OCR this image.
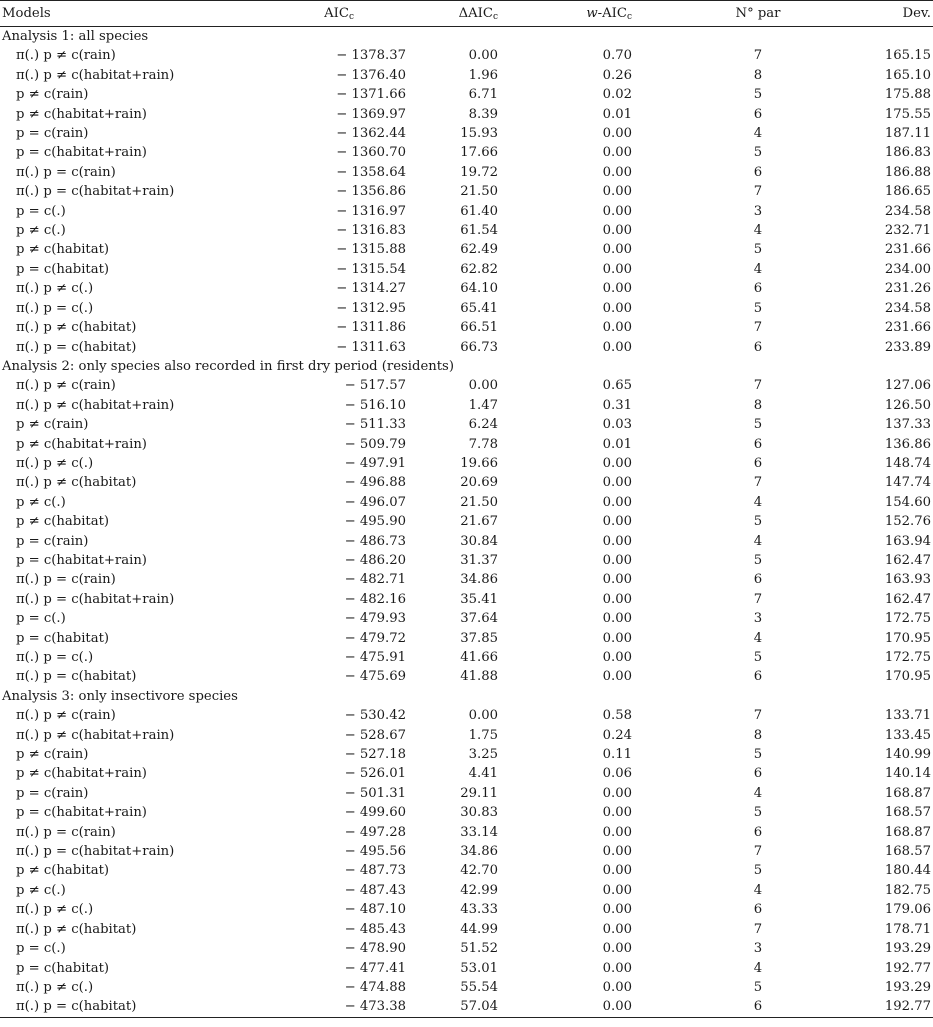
Models	$AIC_c$	$\Delta AIC_c$	$w-AIC_c$	N° par	Dev.
Analysis 1: all species					
π(.) p ≠ c(rain)	− 1378.37	0.00	0.70	7	165.15
π(.) p ≠ c(habitat+rain)	− 1376.40	1.96	0.26	8	165.10
p ≠ c(rain)	− 1371.66	6.71	0.02	5	175.88
p ≠ c(habitat+rain)	− 1369.97	8.39	0.01	6	175.55
p = c(rain)	− 1362.44	15.93	0.00	4	187.11
p = c(habitat+rain)	− 1360.70	17.66	0.00	5	186.83
π(.) p = c(rain)	− 1358.64	19.72	0.00	6	186.88
π(.) p = c(habitat+rain)	− 1356.86	21.50	0.00	7	186.65
p = c(.)	− 1316.97	61.40	0.00	3	234.58
p ≠ c(.)	− 1316.83	61.54	0.00	4	232.71
p ≠ c(habitat)	− 1315.88	62.49	0.00	5	231.66
p = c(habitat)	− 1315.54	62.82	0.00	4	234.00
π(.) p ≠ c(.)	− 1314.27	64.10	0.00	6	231.26
π(.) p = c(.)	− 1312.95	65.41	0.00	5	234.58
π(.) p ≠ c(habitat)	− 1311.86	66.51	0.00	7	231.66
π(.) p = c(habitat)	− 1311.63	66.73	0.00	6	233.89
Analysis 2: only species also recorded in first dry period (residents)					
π(.) p ≠ c(rain)	− 517.57	0.00	0.65	7	127.06
π(.) p ≠ c(habitat+rain)	− 516.10	1.47	0.31	8	126.50
p ≠ c(rain)	− 511.33	6.24	0.03	5	137.33
p ≠ c(habitat+rain)	− 509.79	7.78	0.01	6	136.86
π(.) p ≠ c(.)	− 497.91	19.66	0.00	6	148.74
π(.) p ≠ c(habitat)	− 496.88	20.69	0.00	7	147.74
p ≠ c(.)	− 496.07	21.50	0.00	4	154.60
p ≠ c(habitat)	− 495.90	21.67	0.00	5	152.76
p = c(rain)	− 486.73	30.84	0.00	4	163.94
p = c(habitat+rain)	− 486.20	31.37	0.00	5	162.47
π(.) p = c(rain)	− 482.71	34.86	0.00	6	163.93
π(.) p = c(habitat+rain)	− 482.16	35.41	0.00	7	162.47
p = c(.)	− 479.93	37.64	0.00	3	172.75
p = c(habitat)	− 479.72	37.85	0.00	4	170.95
π(.) p = c(.)	− 475.91	41.66	0.00	5	172.75
π(.) p = c(habitat)	− 475.69	41.88	0.00	6	170.95
Analysis 3: only insectivore species					
π(.) p ≠ c(rain)	− 530.42	0.00	0.58	7	133.71
π(.) p ≠ c(habitat+rain)	− 528.67	1.75	0.24	8	133.45
p ≠ c(rain)	− 527.18	3.25	0.11	5	140.99
p ≠ c(habitat+rain)	− 526.01	4.41	0.06	6	140.14
p = c(rain)	− 501.31	29.11	0.00	4	168.87
p = c(habitat+rain)	− 499.60	30.83	0.00	5	168.57
π(.) p = c(rain)	− 497.28	33.14	0.00	6	168.87
π(.) p = c(habitat+rain)	− 495.56	34.86	0.00	7	168.57
p ≠ c(habitat)	− 487.73	42.70	0.00	5	180.44
p ≠ c(.)	− 487.43	42.99	0.00	4	182.75
π(.) p ≠ c(.)	− 487.10	43.33	0.00	6	179.06
π(.) p ≠ c(habitat)	− 485.43	44.99	0.00	7	178.71
p = c(.)	− 478.90	51.52	0.00	3	193.29
p = c(habitat)	− 477.41	53.01	0.00	4	192.77
π(.) p ≠ c(.)	− 474.88	55.54	0.00	5	193.29
π(.) p = c(habitat)	− 473.38	57.04	0.00	6	192.77
